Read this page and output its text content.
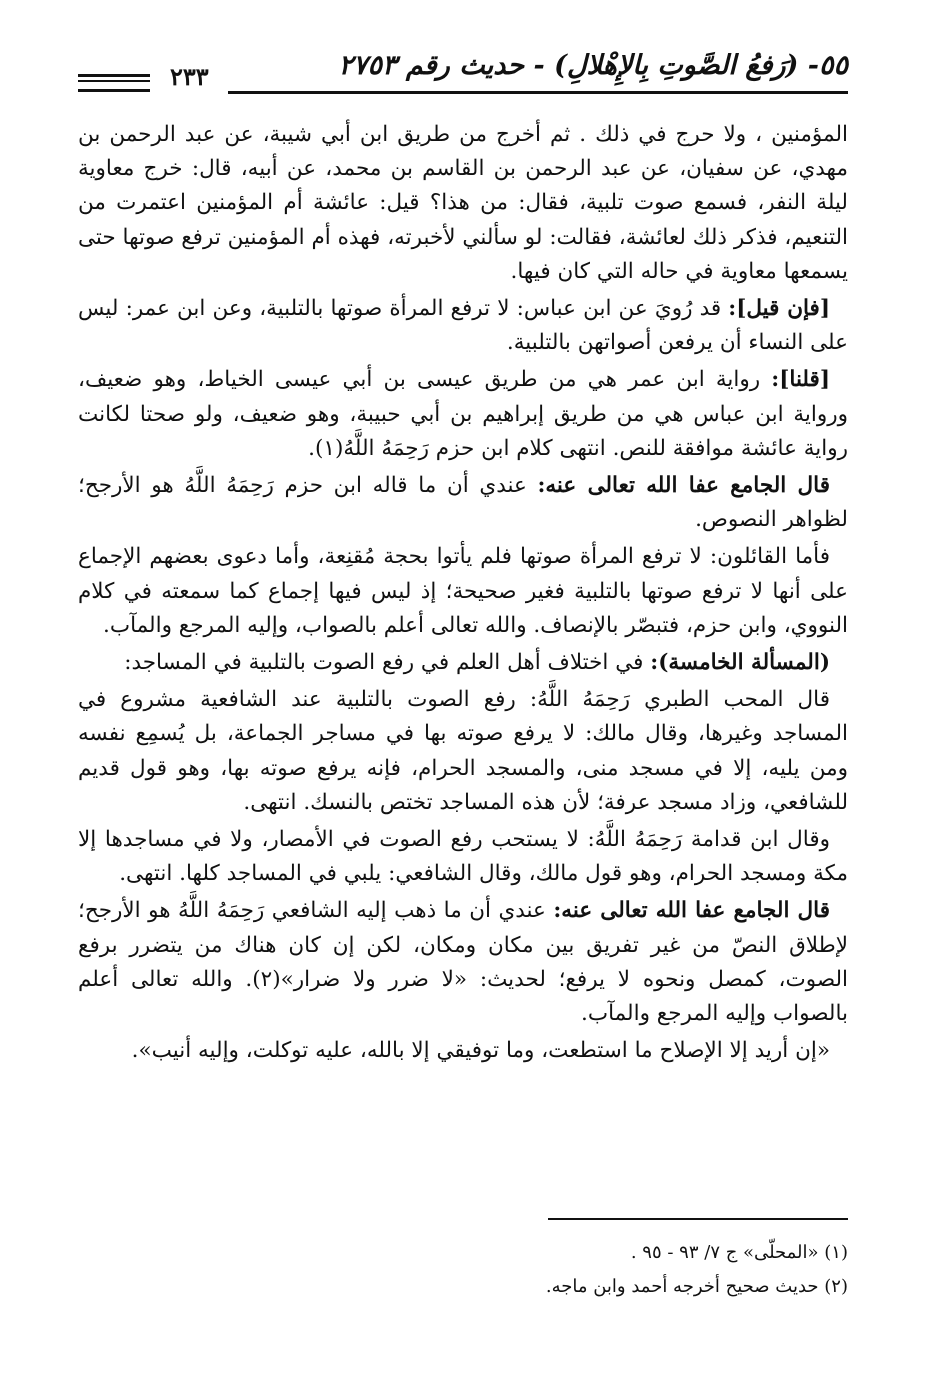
٥٥- (رَفعُ الصَّوتِ بِالإِهْلالِ) - حديث رقم ٢٧٥٣
٢٣٣

المؤمنين ، ولا حرج في ذلك . ثم أخرج من طريق ابن أبي شيبة، عن عبد الرحمن بن مهدي، عن سفيان، عن عبد الرحمن بن القاسم بن محمد، عن أبيه، قال: خرج معاوية ليلة النفر، فسمع صوت تلبية، فقال: من هذا؟ قيل: عائشة أم المؤمنين اعتمرت من التنعيم، فذكر ذلك لعائشة، فقالت: لو سألني لأخبرته، فهذه أم المؤمنين ترفع صوتها حتى يسمعها معاوية في حاله التي كان فيها.

[فإن قيل]: قد رُويَ عن ابن عباس: لا ترفع المرأة صوتها بالتلبية، وعن ابن عمر: ليس على النساء أن يرفعن أصواتهن بالتلبية.

[قلنا]: رواية ابن عمر هي من طريق عيسى بن أبي عيسى الخياط، وهو ضعيف، ورواية ابن عباس هي من طريق إبراهيم بن أبي حبيبة، وهو ضعيف، ولو صحتا لكانت رواية عائشة موافقة للنص. انتهى كلام ابن حزم رَحِمَهُ اللَّهُ(١).

قال الجامع عفا الله تعالى عنه: عندي أن ما قاله ابن حزم رَحِمَهُ اللَّهُ هو الأرجح؛ لظواهر النصوص.

فأما القائلون: لا ترفع المرأة صوتها فلم يأتوا بحجة مُقنِعة، وأما دعوى بعضهم الإجماع على أنها لا ترفع صوتها بالتلبية فغير صحيحة؛ إذ ليس فيها إجماع كما سمعته في كلام النووي، وابن حزم، فتبصّر بالإنصاف. والله تعالى أعلم بالصواب، وإليه المرجع والمآب.

(المسألة الخامسة): في اختلاف أهل العلم في رفع الصوت بالتلبية في المساجد:

قال المحب الطبري رَحِمَهُ اللَّهُ: رفع الصوت بالتلبية عند الشافعية مشروع في المساجد وغيرها، وقال مالك: لا يرفع صوته بها في مساجر الجماعة، بل يُسمِع نفسه ومن يليه، إلا في مسجد منى، والمسجد الحرام، فإنه يرفع صوته بها، وهو قول قديم للشافعي، وزاد مسجد عرفة؛ لأن هذه المساجد تختص بالنسك. انتهى.

وقال ابن قدامة رَحِمَهُ اللَّهُ: لا يستحب رفع الصوت في الأمصار، ولا في مساجدها إلا مكة ومسجد الحرام، وهو قول مالك، وقال الشافعي: يلبي في المساجد كلها. انتهى.

قال الجامع عفا الله تعالى عنه: عندي أن ما ذهب إليه الشافعي رَحِمَهُ اللَّهُ هو الأرجح؛ لإطلاق النصّ من غير تفريق بين مكان ومكان، لكن إن كان هناك من يتضرر برفع الصوت، كمصل ونحوه لا يرفع؛ لحديث: «لا ضرر ولا ضرار»(٢). والله تعالى أعلم بالصواب وإليه المرجع والمآب.

«إن أريد إلا الإصلاح ما استطعت، وما توفيقي إلا بالله، عليه توكلت، وإليه أنيب».

(١) «المحلّى» ج ٧/ ٩٣ - ٩٥ .

(٢) حديث صحيح أخرجه أحمد وابن ماجه.
